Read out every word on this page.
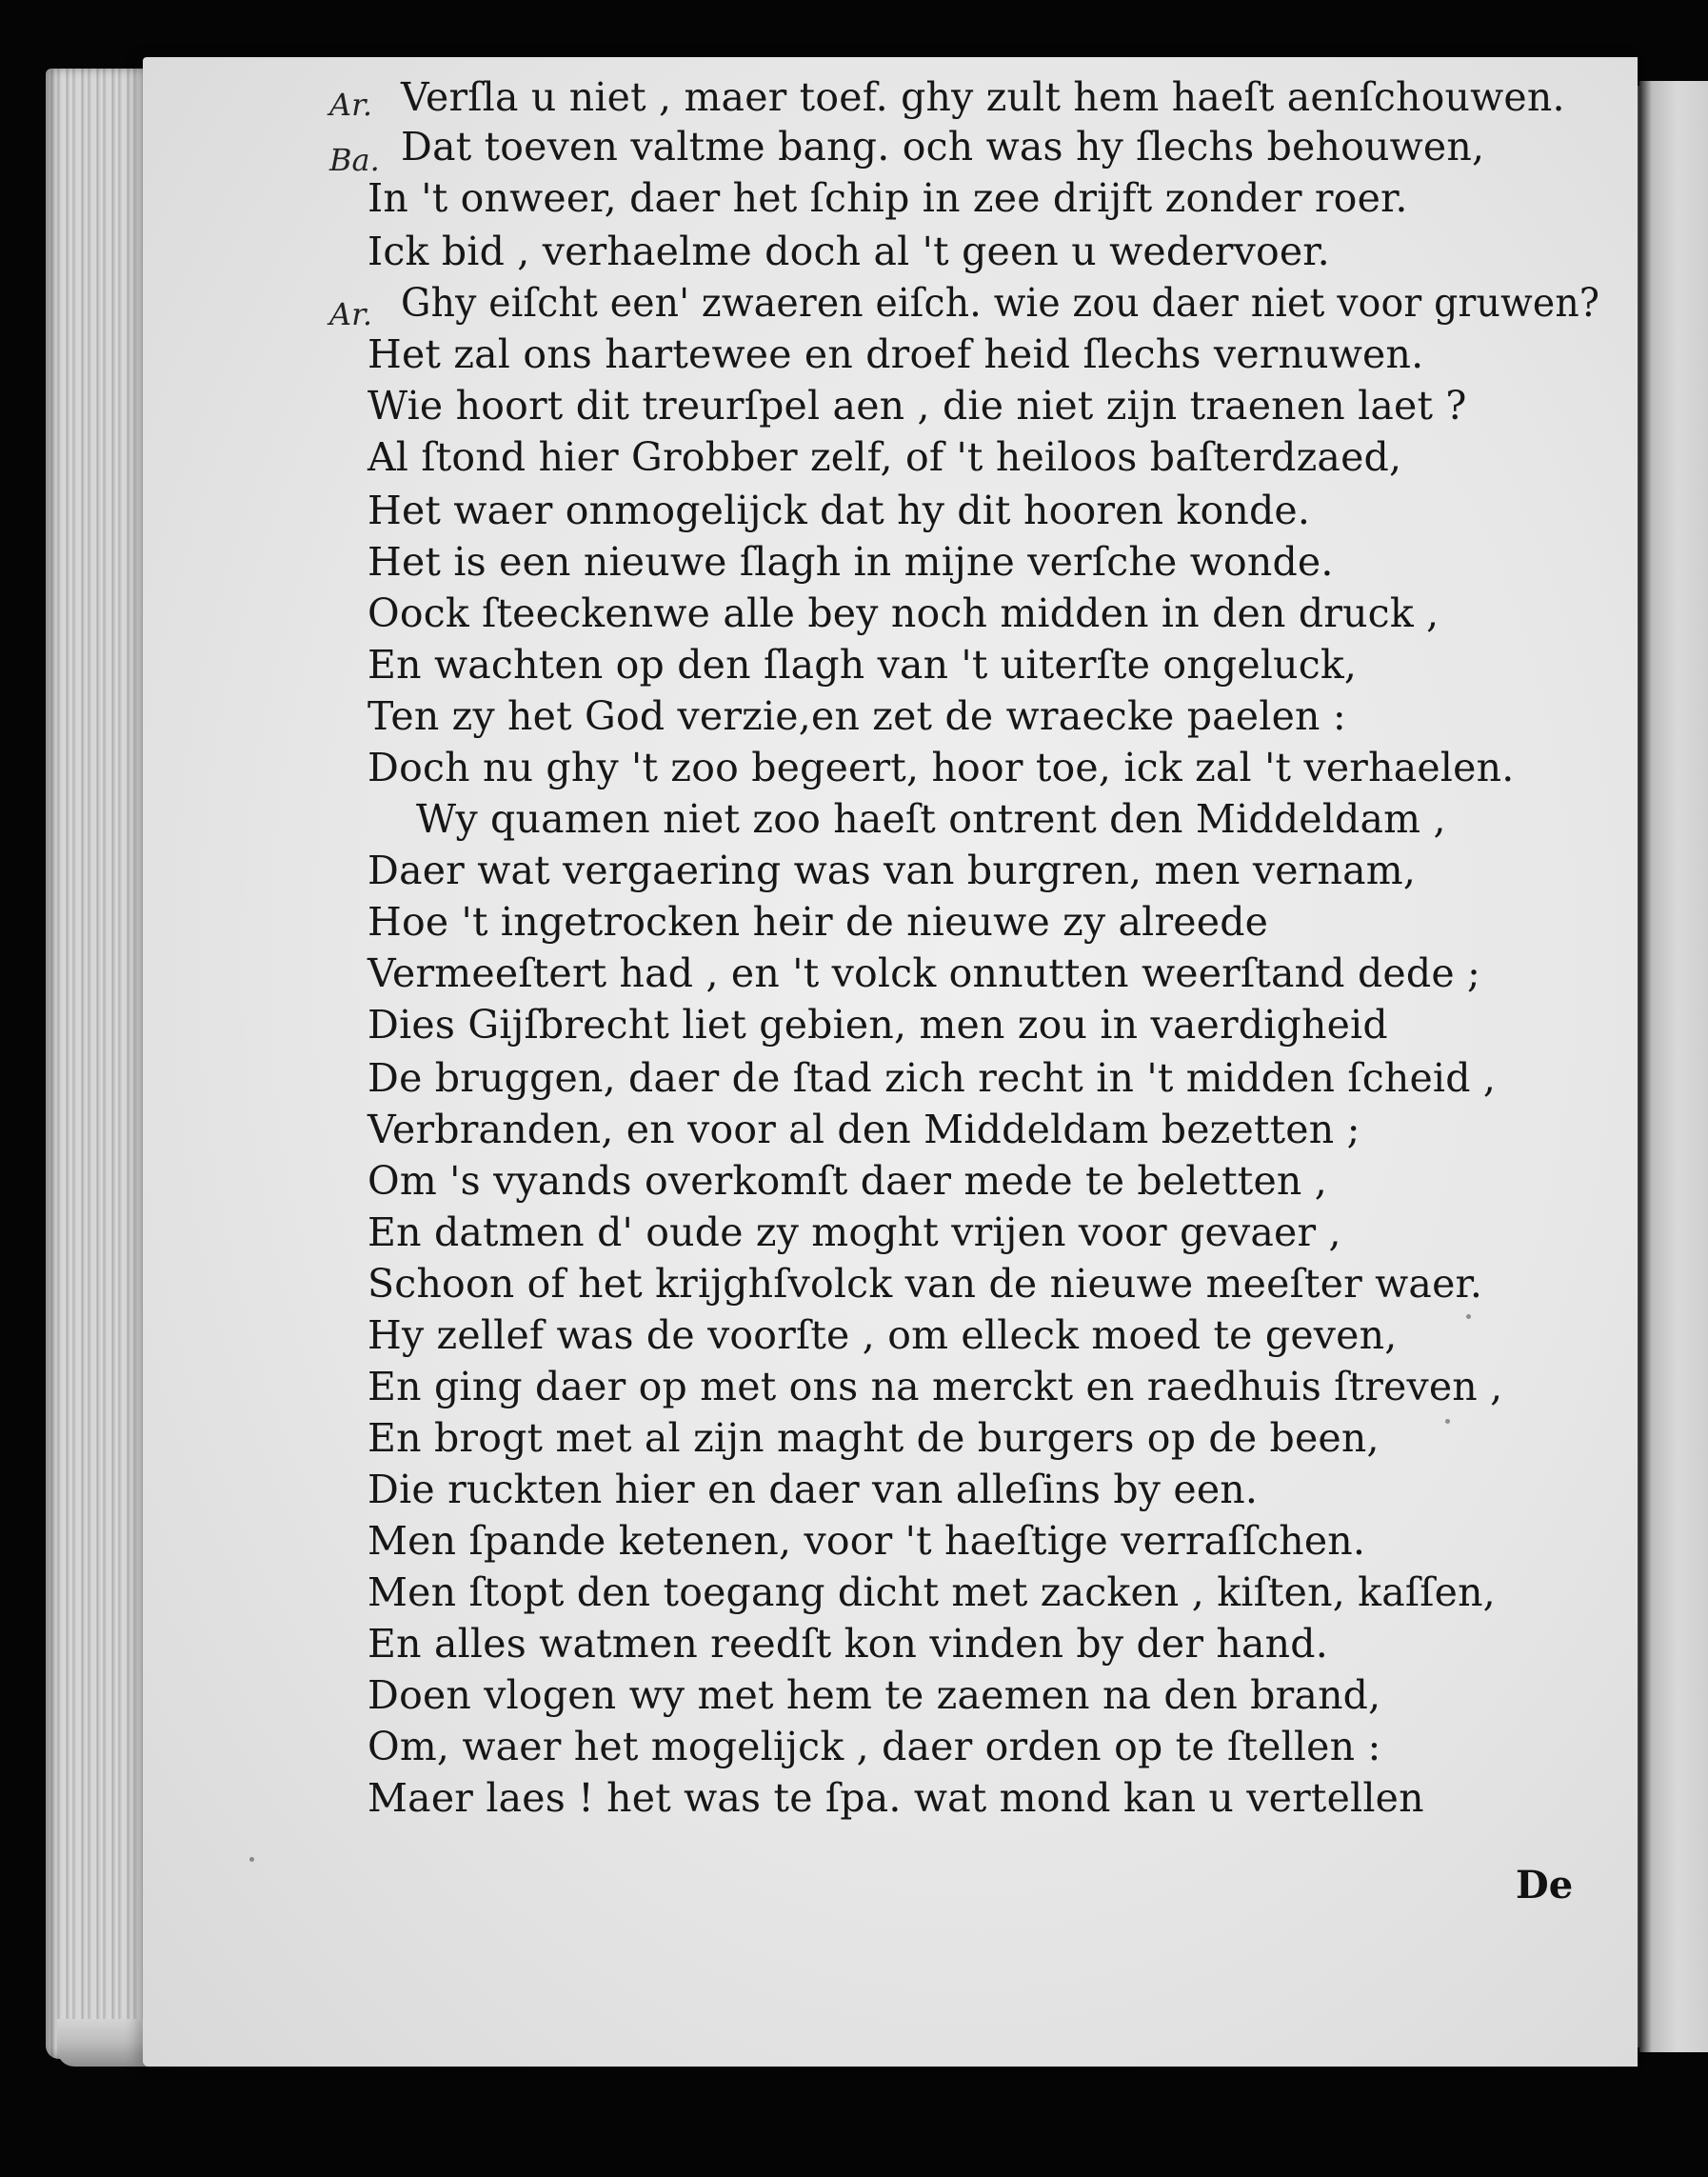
Ar.
Ba.
Ar.
Verſla u niet , maer toef. ghy zult hem haeſt aenſchouwen.
Dat toeven valtme bang. och was hy ſlechs behouwen,
In 't onweer, daer het ſchip in zee drijft zonder roer.
Ick bid , verhaelme doch al 't geen u wedervoer.
Ghy eiſcht een' zwaeren eiſch. wie zou daer niet voor gruwen?
Het zal ons hartewee en droef heid ſlechs vernuwen.
Wie hoort dit treurſpel aen , die niet zijn traenen laet ?
Al ſtond hier Grobber zelf, of 't heiloos baſterdzaed,
Het waer onmogelijck dat hy dit hooren konde.
Het is een nieuwe ſlagh in mijne verſche wonde.
Oock ſteeckenwe alle bey noch midden in den druck ,
En wachten op den ſlagh van 't uiterſte ongeluck,
Ten zy het God verzie,en zet de wraecke paelen :
Doch nu ghy 't zoo begeert, hoor toe, ick zal 't verhaelen.
Wy quamen niet zoo haeſt ontrent den Middeldam ,
Daer wat vergaering was van burgren, men vernam,
Hoe 't ingetrocken heir de nieuwe zy alreede
Vermeeſtert had , en 't volck onnutten weerſtand dede ;
Dies Gijſbrecht liet gebien, men zou in vaerdigheid
De bruggen, daer de ſtad zich recht in 't midden ſcheid ,
Verbranden, en voor al den Middeldam bezetten ;
Om 's vyands overkomſt daer mede te beletten ,
En datmen d' oude zy moght vrijen voor gevaer ,
Schoon of het krijghſvolck van de nieuwe meeſter waer.
Hy zellef was de voorſte , om elleck moed te geven,
En ging daer op met ons na merckt en raedhuis ſtreven ,
En brogt met al zijn maght de burgers op de been,
Die ruckten hier en daer van alleſins by een.
Men ſpande ketenen, voor 't haeſtige verraſſchen.
Men ſtopt den toegang dicht met zacken , kiſten, kaſſen,
En alles watmen reedſt kon vinden by der hand.
Doen vlogen wy met hem te zaemen na den brand,
Om, waer het mogelijck , daer orden op te ſtellen :
Maer laes ! het was te ſpa. wat mond kan u vertellen
De
